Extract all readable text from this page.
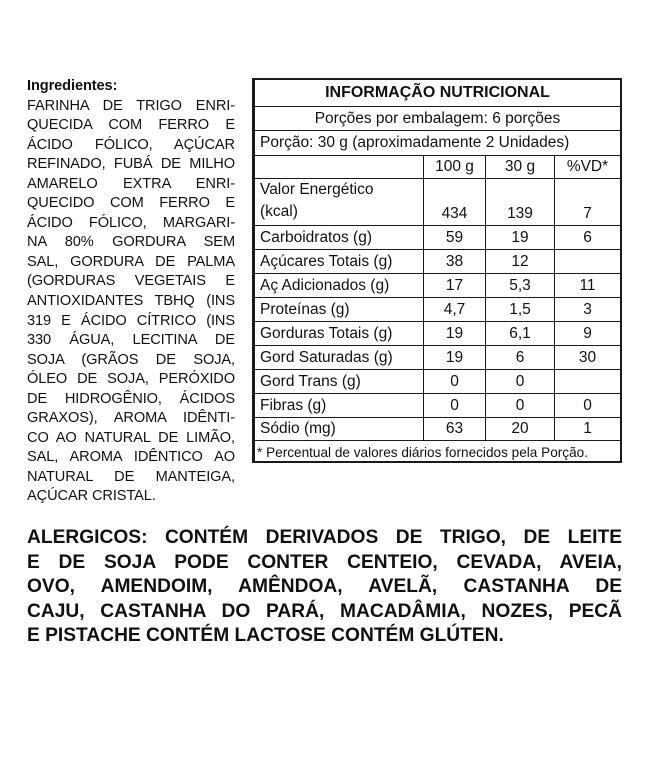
Ingredientes:
FARINHA DE TRIGO ENRI-
QUECIDA COM FERRO E
ÁCIDO FÓLICO, AÇÚCAR
REFINADO, FUBÁ DE MILHO
AMARELO EXTRA ENRI-
QUECIDO COM FERRO E
ÁCIDO FÓLICO, MARGARI-
NA 80% GORDURA SEM
SAL, GORDURA DE PALMA
(GORDURAS VEGETAIS E
ANTIOXIDANTES TBHQ (INS
319 E ÁCIDO CÍTRICO (INS
330 ÁGUA, LECITINA DE
SOJA (GRÃOS DE SOJA,
ÓLEO DE SOJA, PERÓXIDO
DE HIDROGÊNIO, ÁCIDOS
GRAXOS), AROMA IDÊNTI-
CO AO NATURAL DE LIMÃO,
SAL, AROMA IDÊNTICO AO
NATURAL DE MANTEIGA,
AÇÚCAR CRISTAL.
INFORMAÇÃO NUTRICIONAL
Porções por embalagem: 6 porções
Porção: 30 g (aproximadamente 2 Unidades)
100 g	30 g	%VD*
Valor Energético
(kcal)	434	139	7
Carboidratos (g)	59	19	6
Açúcares Totais (g)	38	12
Aç Adicionados (g)	17	5,3	11
Proteínas (g)	4,7	1,5	3
Gorduras Totais (g)	19	6,1	9
Gord Saturadas (g)	19	6	30
Gord Trans (g)	0	0
Fibras (g)	0	0	0
Sódio (mg)	63	20	1
* Percentual de valores diários fornecidos pela Porção.
ALERGICOS: CONTÉM DERIVADOS DE TRIGO, DE LEITE
E DE SOJA PODE CONTER CENTEIO, CEVADA, AVEIA,
OVO, AMENDOIM, AMÊNDOA, AVELÃ, CASTANHA DE
CAJU, CASTANHA DO PARÁ, MACADÂMIA, NOZES, PECÃ
E PISTACHE CONTÉM LACTOSE CONTÉM GLÚTEN.
